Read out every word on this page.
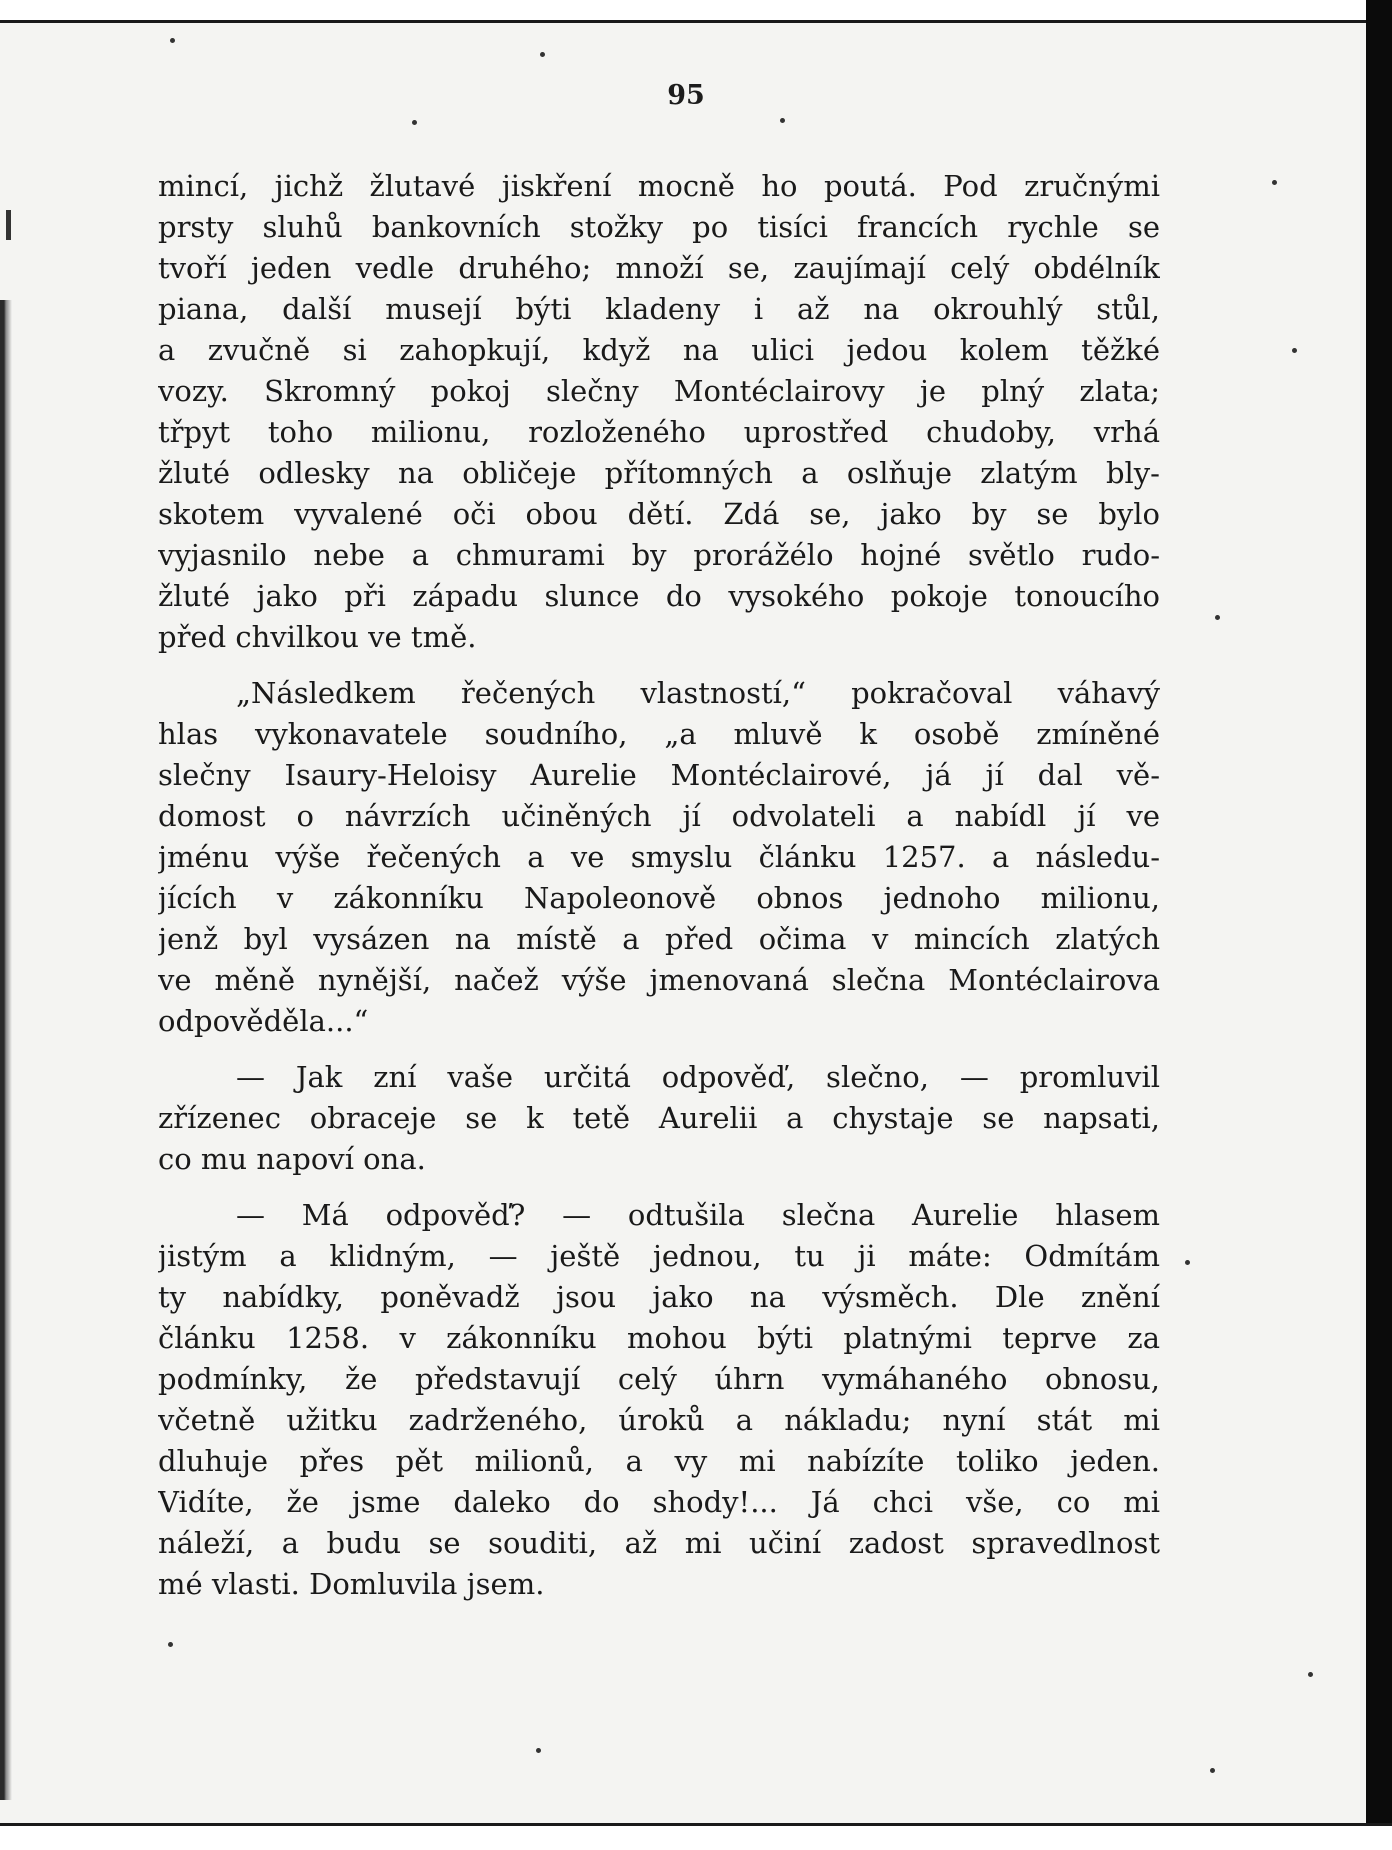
95
mincí, jichž žlutavé jiskření mocně ho poutá. Pod zručnými
prsty sluhů bankovních stožky po tisíci francích rychle se
tvoří jeden vedle druhého; množí se, zaujímají celý obdélník
piana, další musejí býti kladeny i až na okrouhlý stůl,
a zvučně si zahopkují, když na ulici jedou kolem těžké
vozy. Skromný pokoj slečny Montéclairovy je plný zlata;
třpyt toho milionu, rozloženého uprostřed chudoby, vrhá
žluté odlesky na obličeje přítomných a oslňuje zlatým bly-
skotem vyvalené oči obou dětí. Zdá se, jako by se bylo
vyjasnilo nebe a chmurami by prorážélo hojné světlo rudo-
žluté jako při západu slunce do vysokého pokoje tonoucího
před chvilkou ve tmě.
„Následkem řečených vlastností,“ pokračoval váhavý
hlas vykonavatele soudního, „a mluvě k osobě zmíněné
slečny Isaury-Heloisy Aurelie Montéclairové, já jí dal vě-
domost o návrzích učiněných jí odvolateli a nabídl jí ve
jménu výše řečených a ve smyslu článku 1257. a následu-
jících v zákonníku Napoleonově obnos jednoho milionu,
jenž byl vysázen na místě a před očima v mincích zlatých
ve měně nynější, načež výše jmenovaná slečna Montéclairova
odpověděla...“
— Jak zní vaše určitá odpověď, slečno, — promluvil
zřízenec obraceje se k tetě Aurelii a chystaje se napsati,
co mu napoví ona.
— Má odpověď? — odtušila slečna Aurelie hlasem
jistým a klidným, — ještě jednou, tu ji máte: Odmítám
ty nabídky, poněvadž jsou jako na výsměch. Dle znění
článku 1258. v zákonníku mohou býti platnými teprve za
podmínky, že představují celý úhrn vymáhaného obnosu,
včetně užitku zadrženého, úroků a nákladu; nyní stát mi
dluhuje přes pět milionů, a vy mi nabízíte toliko jeden.
Vidíte, že jsme daleko do shody!... Já chci vše, co mi
náleží, a budu se souditi, až mi učiní zadost spravedlnost
mé vlasti. Domluvila jsem.
